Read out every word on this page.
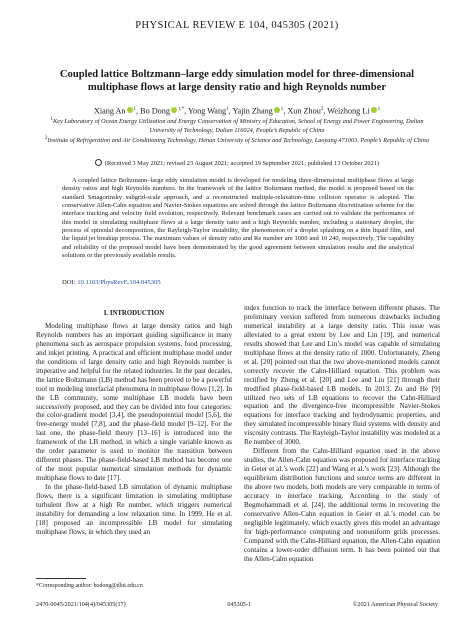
PHYSICAL REVIEW E 104, 045305 (2021)
Coupled lattice Boltzmann–large eddy simulation model for three-dimensional multiphase flows at large density ratio and high Reynolds number
Xiang An $^1$, Bo Dong $^{1,*}$, Yong Wang$^1$, Yajin Zhang $^1$, Xun Zhou$^2$, Weizhong Li $^1$
$^1$Key Laboratory of Ocean Energy Utilization and Energy Conservation of Ministry of Education, School of Energy and Power Engineering, Dalian University of Technology, Dalian 116024, People’s Republic of China
$^2$Institute of Refrigeration and Air Conditioning Technology, Henan University of Science and Technology, Luoyang 471003, People’s Republic of China
(Received 3 May 2021; revised 23 August 2021; accepted 19 September 2021; published 13 October 2021)
A coupled lattice Boltzmann–large eddy simulation model is developed for modeling three-dimensional multiphase flows at large density ratios and high Reynolds numbers. In the framework of the lattice Boltzmann method, the model is proposed based on the standard Smagorinsky subgrid-scale approach, and a reconstructed multiple-relaxation-time collision operator is adopted. The conservative Allen-Cahn equation and Navier-Stokes equations are solved through the lattice Boltzmann discretization scheme for the interface tracking and velocity field evolution, respectively. Relevant benchmark cases are carried out to validate the performance of this model in simulating multiphase flows at a large density ratio and a high Reynolds number, including a stationary droplet, the process of spinodal decomposition, the Rayleigh-Taylor instability, the phenomenon of a droplet splashing on a thin liquid film, and the liquid jet breakup process. The maximum values of density ratio and Re number are 1000 and 10 240, respectively. The capability and reliability of the proposed model have been demonstrated by the good agreement between simulation results and the analytical solutions or the previously available results.
DOI: 10.1103/PhysRevE.104.045305
I. INTRODUCTION

Modeling multiphase flows at large density ratios and high Reynolds numbers has an important guiding significance in many phenomena such as aerospace propulsion systems, food processing, and inkjet printing. A practical and efficient multiphase model under the conditions of large density ratio and high Reynolds number is imperative and helpful for the related industries. In the past decades, the lattice Boltzmann (LB) method has been proved to be a powerful tool in modeling interfacial phenomena in multiphase flows [1,2]. In the LB community, some multiphase LB models have been successively proposed, and they can be divided into four categories: the color-gradient model [3,4], the pseudopotential model [5,6], the free-energy model [7,8], and the phase-field model [9–12]. For the last one, the phase-field theory [13–16] is introduced into the framework of the LB method, in which a single variable known as the order parameter is used to monitor the transition between different phases. The phase-field-based LB method has become one of the most popular numerical simulation methods for dynamic multiphase flows to date [17].

In the phase-field-based LB simulation of dynamic multiphase flows, there is a significant limitation in simulating multiphase turbulent flow at a high Re number, which triggers numerical instability for demanding a low relaxation time. In 1999, He et al. [18] proposed an incompressible LB model for simulating multiphase flows, in which they used an

index function to track the interface between different phases. The preliminary version suffered from numerous drawbacks including numerical instability at a large density ratio. This issue was alleviated to a great extent by Lee and Lin [19], and numerical results showed that Lee and Lin’s model was capable of simulating multiphase flows at the density ratio of 1000. Unfortunately, Zheng et al. [20] pointed out that the two above-mentioned models cannot correctly recover the Cahn-Hilliard equation. This problem was rectified by Zheng et al. [20] and Lee and Liu [21] through their modified phase-field-based LB models. In 2013, Zu and He [9] utilized two sets of LB equations to recover the Cahn-Hilliard equation and the divergence-free incompressible Navier-Stokes equations for interface tracking and hydrodynamic properties, and they simulated incompressible binary fluid systems with density and viscosity contrasts. The Rayleigh-Taylor instability was modeled at a Re number of 3000.

Different from the Cahn-Hilliard equation used in the above studies, the Allen-Cahn equation was proposed for interface tracking in Geier et al.’s work [22] and Wang et al.’s work [23]. Although the equilibrium distribution functions and source terms are different in the above two models, both models are very comparable in terms of accuracy in interface tracking. According to the study of Begmohammadi et al. [24], the additional terms in recovering the conservative Allen-Cahn equation in Geier et al.’s model can be negligible legitimately, which exactly gives this model an advantage for high-performance computing and nonuniform grids processes. Compared with the Cahn-Hilliard equation, the Allen-Cahn equation contains a lower-order diffusion term. It has been pointed out that the Allen-Cahn equation

*Corresponding author: bodong@dlut.edu.cn
2470-0045/2021/104(4)/045305(17)	045305-1	©2021 American Physical Society
